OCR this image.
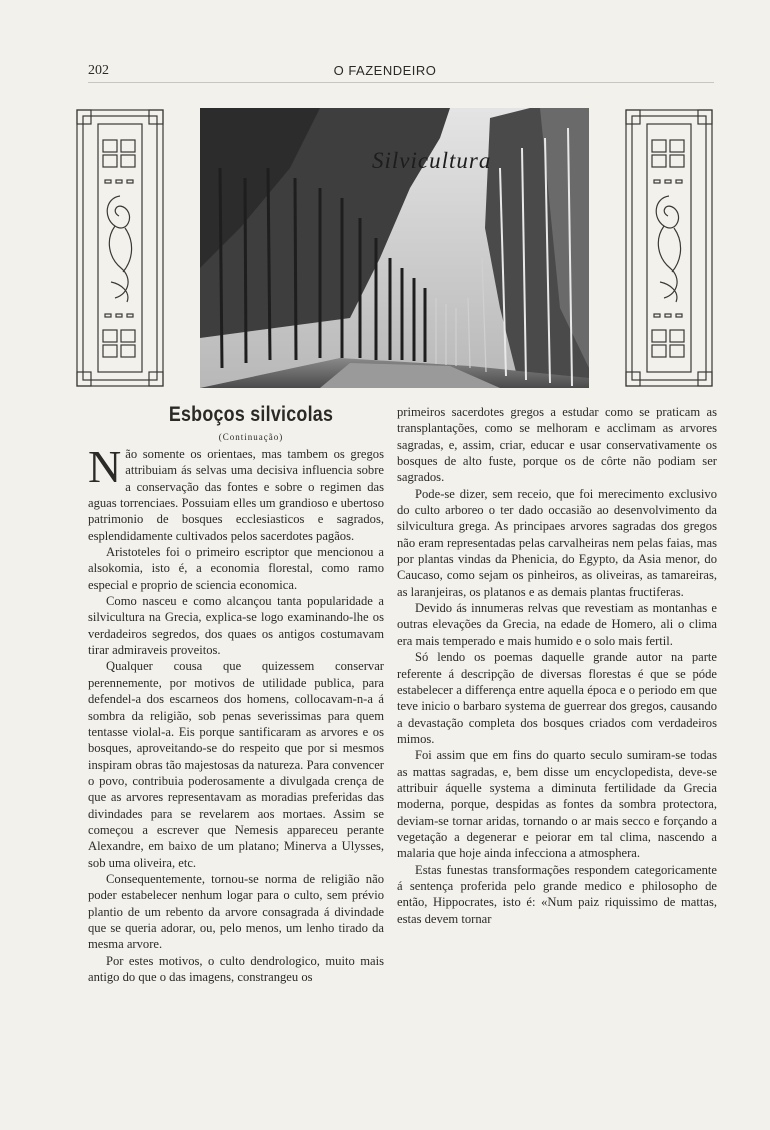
202	O FAZENDEIRO
Silvicultura
Esboços silvicolas
(Continuação)

Não somente os orientaes, mas tambem os gregos attribuiam ás selvas uma decisiva influencia sobre a conservação das fontes e sobre o regimen das aguas torrenciaes. Possuiam elles um grandioso e ubertoso patrimonio de bosques ecclesiasticos e sagrados, esplendidamente cultivados pelos sacerdotes pagãos.

Aristoteles foi o primeiro escriptor que mencionou a alsokomia, isto é, a economia florestal, como ramo especial e proprio de sciencia economica.

Como nasceu e como alcançou tanta popularidade a silvicultura na Grecia, explica-se logo examinando-lhe os verdadeiros segredos, dos quaes os antigos costumavam tirar admiraveis proveitos.

Qualquer cousa que quizessem conservar perennemente, por motivos de utilidade publica, para defendel-a dos escarneos dos homens, collocavam-n-a á sombra da religião, sob penas severissimas para quem tentasse violal-a. Eis porque santificaram as arvores e os bosques, aproveitando-se do respeito que por si mesmos inspiram obras tão majestosas da natureza. Para convencer o povo, contribuia poderosamente a divulgada crença de que as arvores representavam as moradias preferidas das divindades para se revelarem aos mortaes. Assim se começou a escrever que Nemesis appareceu perante Alexandre, em baixo de um platano; Minerva a Ulysses, sob uma oliveira, etc.

Consequentemente, tornou-se norma de religião não poder estabelecer nenhum logar para o culto, sem prévio plantio de um rebento da arvore consagrada á divindade que se queria adorar, ou, pelo menos, um lenho tirado da mesma arvore.

Por estes motivos, o culto dendrologico, muito mais antigo do que o das imagens, constrangeu os

primeiros sacerdotes gregos a estudar como se praticam as transplantações, como se melhoram e acclimam as arvores sagradas, e, assim, criar, educar e usar conservativamente os bosques de alto fuste, porque os de côrte não podiam ser sagrados.

Pode-se dizer, sem receio, que foi merecimento exclusivo do culto arboreo o ter dado occasião ao desenvolvimento da silvicultura grega. As principaes arvores sagradas dos gregos não eram representadas pelas carvalheiras nem pelas faias, mas por plantas vindas da Phenicia, do Egypto, da Asia menor, do Caucaso, como sejam os pinheiros, as oliveiras, as tamareiras, as laranjeiras, os platanos e as demais plantas fructiferas.

Devido ás innumeras relvas que revestiam as montanhas e outras elevações da Grecia, na edade de Homero, ali o clima era mais temperado e mais humido e o solo mais fertil.

Só lendo os poemas daquelle grande autor na parte referente á descripção de diversas florestas é que se póde estabelecer a differença entre aquella época e o periodo em que teve inicio o barbaro systema de guerrear dos gregos, causando a devastação completa dos bosques criados com verdadeiros mimos.

Foi assim que em fins do quarto seculo sumiram-se todas as mattas sagradas, e, bem disse um encyclopedista, deve-se attribuir áquelle systema a diminuta fertilidade da Grecia moderna, porque, despidas as fontes da sombra protectora, deviam-se tornar aridas, tornando o ar mais secco e forçando a vegetação a degenerar e peiorar em tal clima, nascendo a malaria que hoje ainda infecciona a atmosphera.

Estas funestas transformações respondem categoricamente á sentença proferida pelo grande medico e philosopho de então, Hippocrates, isto é: «Num paiz riquissimo de mattas, estas devem tornar
